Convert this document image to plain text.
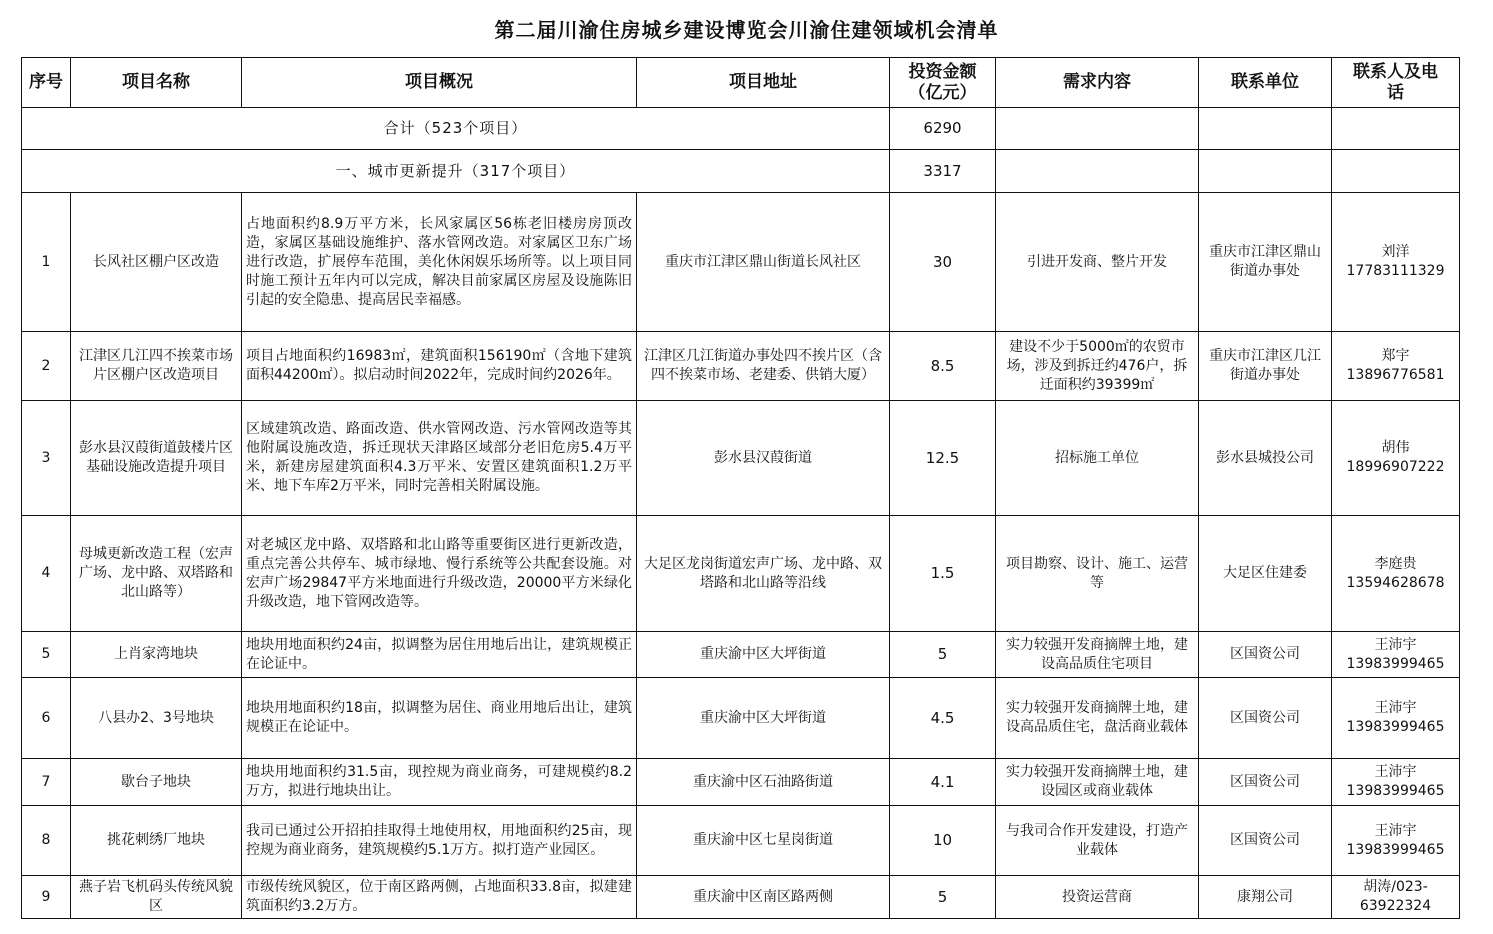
第二届川渝住房城乡建设博览会川渝住建领域机会清单
序号	项目名称	项目概况	项目地址	投资金额（亿元）	需求内容	联系单位	联系人及电话
合计（523个项目）				6290			
一、城市更新提升（317个项目）				3317			
1	长风社区棚户区改造	占地面积约8.9万平方米，长风家属区56栋老旧楼房房顶改造，家属区基础设施维护、落水管网改造。对家属区卫东广场进行改造，扩展停车范围，美化休闲娱乐场所等。以上项目同时施工预计五年内可以完成，解决目前家属区房屋及设施陈旧引起的安全隐患、提高居民幸福感。	重庆市江津区鼎山街道长风社区	30	引进开发商、整片开发	重庆市江津区鼎山街道办事处	刘洋 17783111329
2	江津区几江四不挨菜市场片区棚户区改造项目	项目占地面积约16983㎡，建筑面积156190㎡（含地下建筑面积44200㎡）。拟启动时间2022年，完成时间约2026年。	江津区几江街道办事处四不挨片区（含四不挨菜市场、老建委、供销大厦）	8.5	建设不少于5000㎡的农贸市场，涉及到拆迁约476户，拆迁面积约39399㎡	重庆市江津区几江街道办事处	郑宇 13896776581
3	彭水县汉葭街道鼓楼片区基础设施改造提升项目	区域建筑改造、路面改造、供水管网改造、污水管网改造等其他附属设施改造，拆迁现状天津路区域部分老旧危房5.4万平米，新建房屋建筑面积4.3万平米、安置区建筑面积1.2万平米、地下车库2万平米，同时完善相关附属设施。	彭水县汉葭街道	12.5	招标施工单位	彭水县城投公司	胡伟 18996907222
4	母城更新改造工程（宏声广场、龙中路、双塔路和北山路等）	对老城区龙中路、双塔路和北山路等重要街区进行更新改造，重点完善公共停车、城市绿地、慢行系统等公共配套设施。对宏声广场29847平方米地面进行升级改造，20000平方米绿化升级改造，地下管网改造等。	大足区龙岗街道宏声广场、龙中路、双塔路和北山路等沿线	1.5	项目勘察、设计、施工、运营等	大足区住建委	李庭贵 13594628678
5	上肖家湾地块	地块用地面积约24亩，拟调整为居住用地后出让，建筑规模正在论证中。	重庆渝中区大坪街道	5	实力较强开发商摘牌土地，建设高品质住宅项目	区国资公司	王沛宇 13983999465
6	八县办2、3号地块	地块用地面积约18亩，拟调整为居住、商业用地后出让，建筑规模正在论证中。	重庆渝中区大坪街道	4.5	实力较强开发商摘牌土地，建设高品质住宅，盘活商业载体	区国资公司	王沛宇 13983999465
7	歇台子地块	地块用地面积约31.5亩，现控规为商业商务，可建规模约8.2万方，拟进行地块出让。	重庆渝中区石油路街道	4.1	实力较强开发商摘牌土地，建设园区或商业载体	区国资公司	王沛宇 13983999465
8	挑花刺绣厂地块	我司已通过公开招拍挂取得土地使用权，用地面积约25亩，现控规为商业商务，建筑规模约5.1万方。拟打造产业园区。	重庆渝中区七星岗街道	10	与我司合作开发建设，打造产业载体	区国资公司	王沛宇 13983999465
9	燕子岩飞机码头传统风貌区	市级传统风貌区，位于南区路两侧，占地面积33.8亩，拟建建筑面积约3.2万方。	重庆渝中区南区路两侧	5	投资运营商	康翔公司	胡涛/023-63922324
